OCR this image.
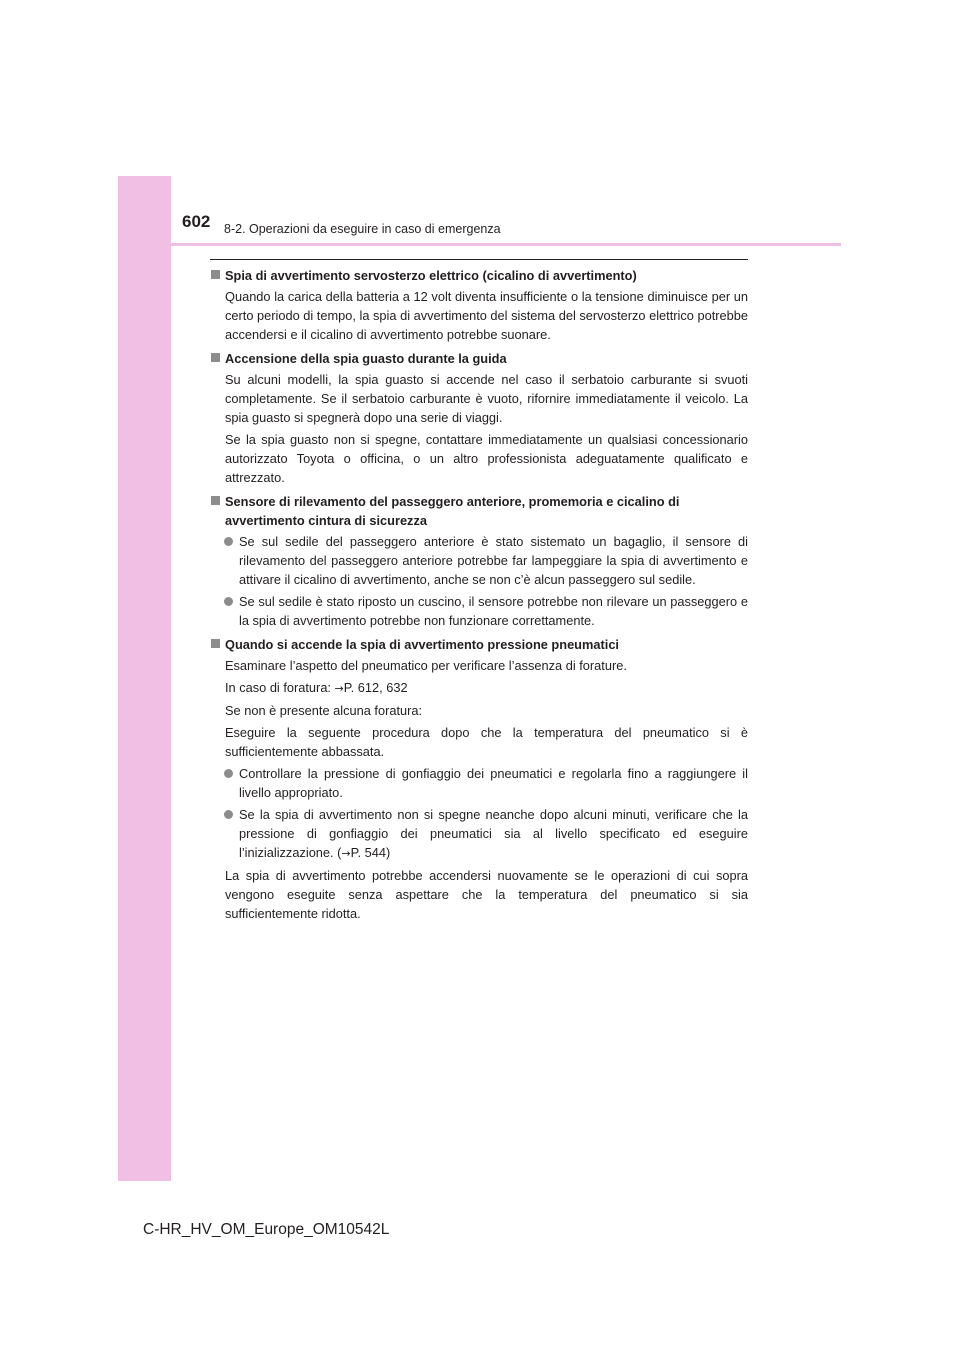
602 8-2. Operazioni da eseguire in caso di emergenza
Spia di avvertimento servosterzo elettrico (cicalino di avvertimento)
Quando la carica della batteria a 12 volt diventa insufficiente o la tensione diminuisce per un certo periodo di tempo, la spia di avvertimento del sistema del servosterzo elettrico potrebbe accendersi e il cicalino di avvertimento potrebbe suonare.
Accensione della spia guasto durante la guida
Su alcuni modelli, la spia guasto si accende nel caso il serbatoio carburante si svuoti completamente. Se il serbatoio carburante è vuoto, rifornire immediatamente il veicolo. La spia guasto si spegnerà dopo una serie di viaggi.
Se la spia guasto non si spegne, contattare immediatamente un qualsiasi concessionario autorizzato Toyota o officina, o un altro professionista adeguatamente qualificato e attrezzato.
Sensore di rilevamento del passeggero anteriore, promemoria e cicalino di avvertimento cintura di sicurezza
Se sul sedile del passeggero anteriore è stato sistemato un bagaglio, il sensore di rilevamento del passeggero anteriore potrebbe far lampeggiare la spia di avvertimento e attivare il cicalino di avvertimento, anche se non c’è alcun passeggero sul sedile.
Se sul sedile è stato riposto un cuscino, il sensore potrebbe non rilevare un passeggero e la spia di avvertimento potrebbe non funzionare correttamente.
Quando si accende la spia di avvertimento pressione pneumatici
Esaminare l’aspetto del pneumatico per verificare l’assenza di forature.
In caso di foratura: →P. 612, 632
Se non è presente alcuna foratura:
Eseguire la seguente procedura dopo che la temperatura del pneumatico si è sufficientemente abbassata.
Controllare la pressione di gonfiaggio dei pneumatici e regolarla fino a raggiungere il livello appropriato.
Se la spia di avvertimento non si spegne neanche dopo alcuni minuti, verificare che la pressione di gonfiaggio dei pneumatici sia al livello specificato ed eseguire l’inizializzazione. (→P. 544)
La spia di avvertimento potrebbe accendersi nuovamente se le operazioni di cui sopra vengono eseguite senza aspettare che la temperatura del pneumatico si sia sufficientemente ridotta.
C-HR_HV_OM_Europe_OM10542L
